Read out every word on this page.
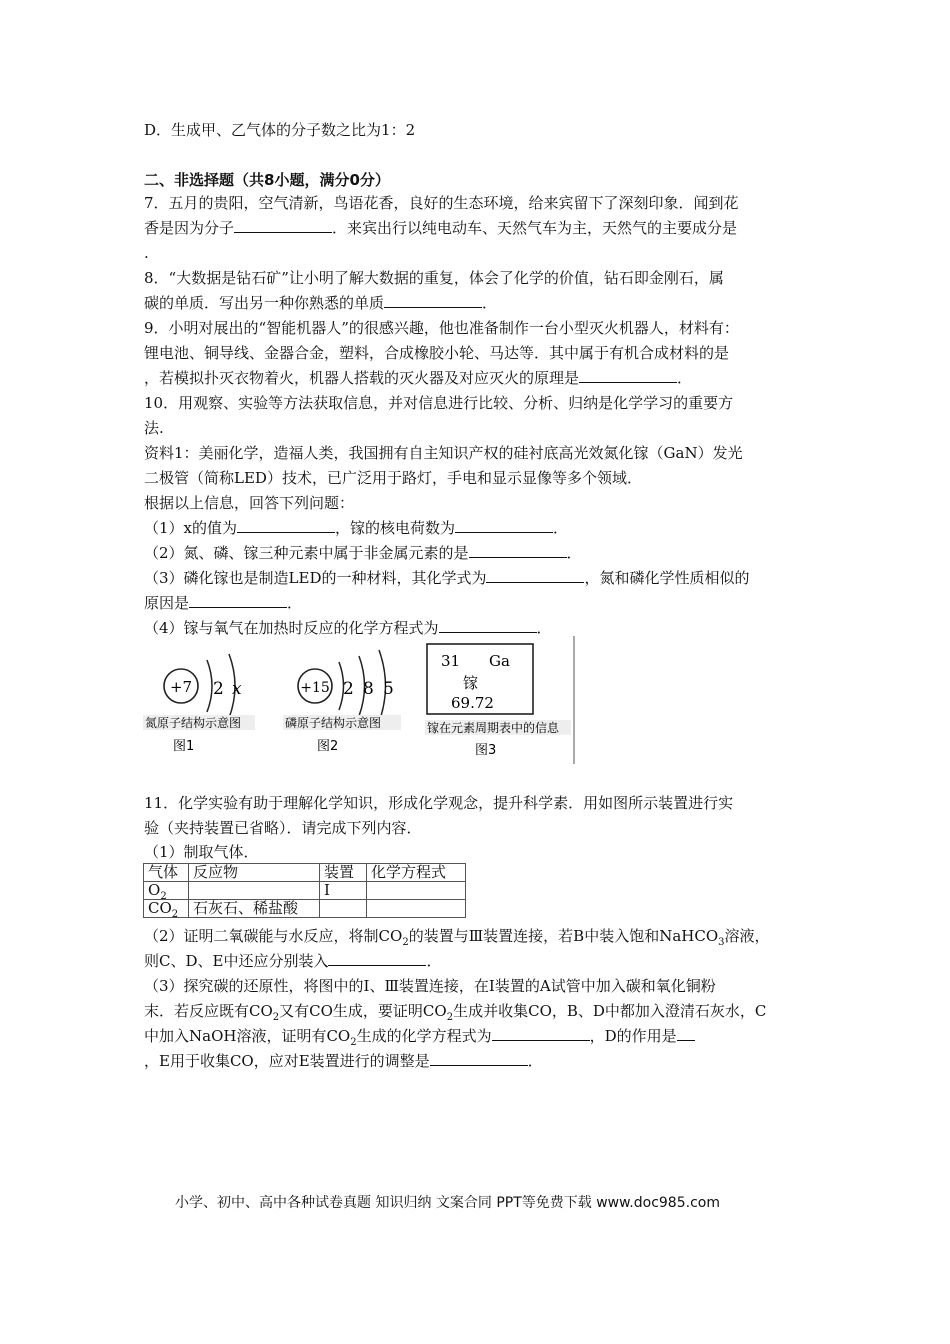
D．生成甲、乙气体的分子数之比为1：2
二、非选择题（共8小题，满分0分）
7．五月的贵阳，空气清新，鸟语花香，良好的生态环境，给来宾留下了深刻印象．闻到花
香是因为分子	．来宾出行以纯电动车、天然气车为主，天然气的主要成分是
.
8．“大数据是钻石矿”让小明了解大数据的重复，体会了化学的价值，钻石即金刚石，属
碳的单质．写出另一种你熟悉的单质	．
9．小明对展出的“智能机器人”的很感兴趣，他也准备制作一台小型灭火机器人，材料有：
锂电池、铜导线、金器合金，塑料，合成橡胶小轮、马达等．其中属于有机合成材料的是
，若模拟扑灭衣物着火，机器人搭载的灭火器及对应灭火的原理是	．
10．用观察、实验等方法获取信息，并对信息进行比较、分析、归纳是化学学习的重要方
法.
资料1：美丽化学，造福人类，我国拥有自主知识产权的硅衬底高光效氮化镓（GaN）发光
二极管（简称LED）技术，已广泛用于路灯，手电和显示显像等多个领域．
根据以上信息，回答下列问题：
（1）x的值为	，镓的核电荷数为	．
（2）氮、磷、镓三种元素中属于非金属元素的是	．
（3）磷化镓也是制造LED的一种材料，其化学式为	，氮和磷化学性质相似的
原因是	．
（4）镓与氧气在加热时反应的化学方程式为	．
+7 2 x
氮原子结构示意图
图1
+15 2 8 5
磷原子结构示意图
图2
31 Ga
镓
69.72
镓在元素周期表中的信息
图3
11．化学实验有助于理解化学知识，形成化学观念，提升科学素．用如图所示装置进行实
验（夹持装置已省略）．请完成下列内容．
（1）制取气体．
气体	反应物	装置	化学方程式
$O_2$		Ⅰ	
$CO_2$	石灰石、稀盐酸		
（2）证明二氧碳能与水反应，将制$CO_2$的装置与Ⅲ装置连接，若B中装入饱和NaHCO$_3$溶液，
则C、D、E中还应分别装入	．
（3）探究碳的还原性，将图中的Ⅰ、Ⅲ装置连接，在Ⅰ装置的A试管中加入碳和氧化铜粉
末．若反应既有$CO_2$又有CO生成，要证明$CO_2$生成并收集CO，B、D中都加入澄清石灰水，C
中加入NaOH溶液，证明有$CO_2$生成的化学方程式为	，D的作用是
，E用于收集CO，应对E装置进行的调整是	．
小学、初中、高中各种试卷真题 知识归纳 文案合同 PPT等免费下载 www.doc985.com
